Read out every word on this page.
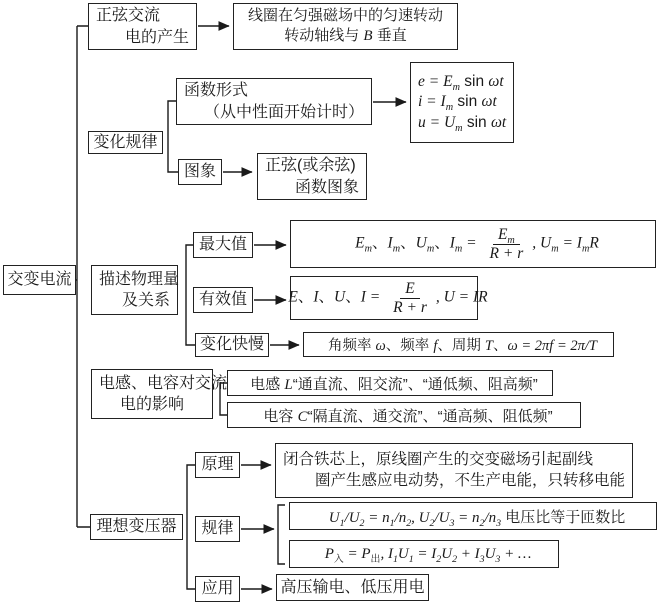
交变电流
正弦交流
电的产生
线圈在匀强磁场中的匀速转动
转动轴线与 B 垂直
变化规律
函数形式
（从中性面开始计时）
$e = E_m$ sin ωt
$i = I_m$ sin ωt
$u = U_m$ sin ωt
图象	正弦(或余弦)
函数图象
描述物理量
及关系
最大值	$E_m$、$I_m$、$U_m$、$I_m = \frac{E_m}{R + r}$ , $U_m = I_mR$
有效值	E、I、U、$I = \frac{E}{R + r}$ , U = IR
变化快慢	角频率 ω、频率 f、周期 T、ω = 2πf = 2π/T
电感、电容对交流
电的影响
电感 L“通直流、阻交流”、“通低频、阻高频”
电容 C“隔直流、通交流”、“通高频、阻低频”
理想变压器
原理	闭合铁芯上，原线圈产生的交变磁场引起副线
圈产生感应电动势，不生产电能，只转移电能
规律
$U_1/U_2 = n_1/n_2$, $U_2/U_3 = n_2/n_3$ 电压比等于匝数比
$P_入 = P_出$, $I_1U_1 = I_2U_2 + I_3U_3$ + …
应用	高压输电、低压用电
